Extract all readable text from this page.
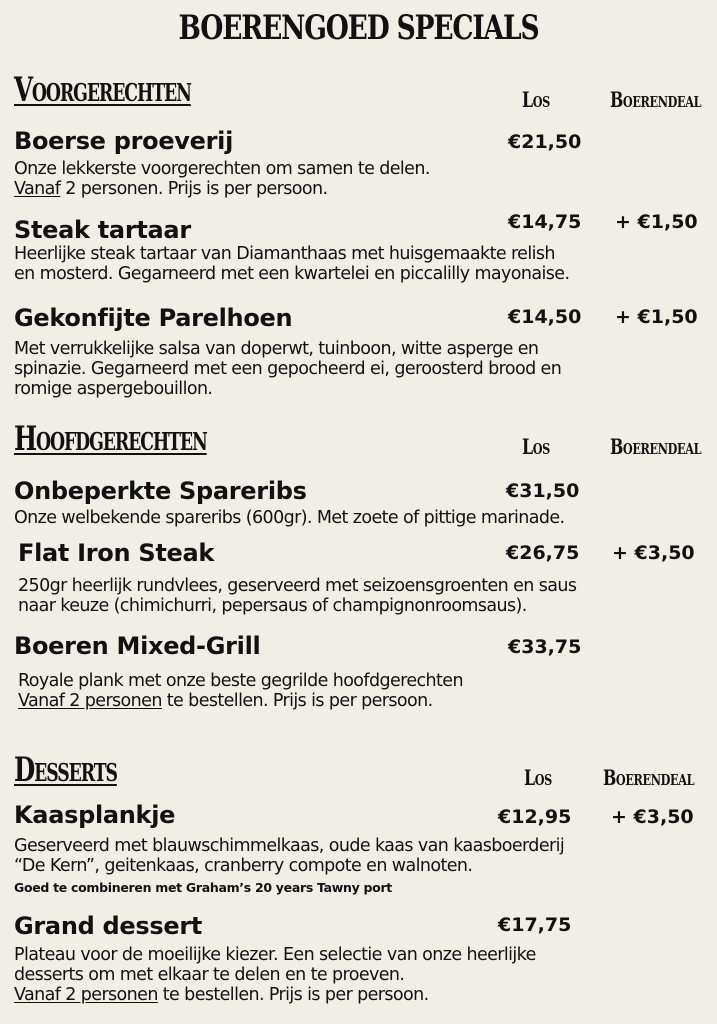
BOERENGOED SPECIALS
Voorgerechten	Los	Boerendeal
Boerse proeverij	€21,50
Onze lekkerste voorgerechten om samen te delen.
Vanaf 2 personen. Prijs is per persoon.
Steak tartaar	€14,75 + €1,50
Heerlijke steak tartaar van Diamanthaas met huisgemaakte relish
en mosterd. Gegarneerd met een kwartelei en piccalilly mayonaise.
Gekonfijte Parelhoen	€14,50 + €1,50
Met verrukkelijke salsa van doperwt, tuinboon, witte asperge en
spinazie. Gegarneerd met een gepocheerd ei, geroosterd brood en
romige aspergebouillon.
Hoofdgerechten	Los	Boerendeal
Onbeperkte Spareribs	€31,50
Onze welbekende spareribs (600gr). Met zoete of pittige marinade.
Flat Iron Steak	€26,75 + €3,50
250gr heerlijk rundvlees, geserveerd met seizoensgroenten en saus
naar keuze (chimichurri, pepersaus of champignonroomsaus).
Boeren Mixed-Grill	€33,75
Royale plank met onze beste gegrilde hoofdgerechten
Vanaf 2 personen te bestellen. Prijs is per persoon.
Desserts	Los Boerendeal
Kaasplankje	€12,95 + €3,50
Geserveerd met blauwschimmelkaas, oude kaas van kaasboerderij
“De Kern”, geitenkaas, cranberry compote en walnoten.
Goed te combineren met Graham’s 20 years Tawny port
Grand dessert	€17,75
Plateau voor de moeilijke kiezer. Een selectie van onze heerlijke
desserts om met elkaar te delen en te proeven.
Vanaf 2 personen te bestellen. Prijs is per persoon.
